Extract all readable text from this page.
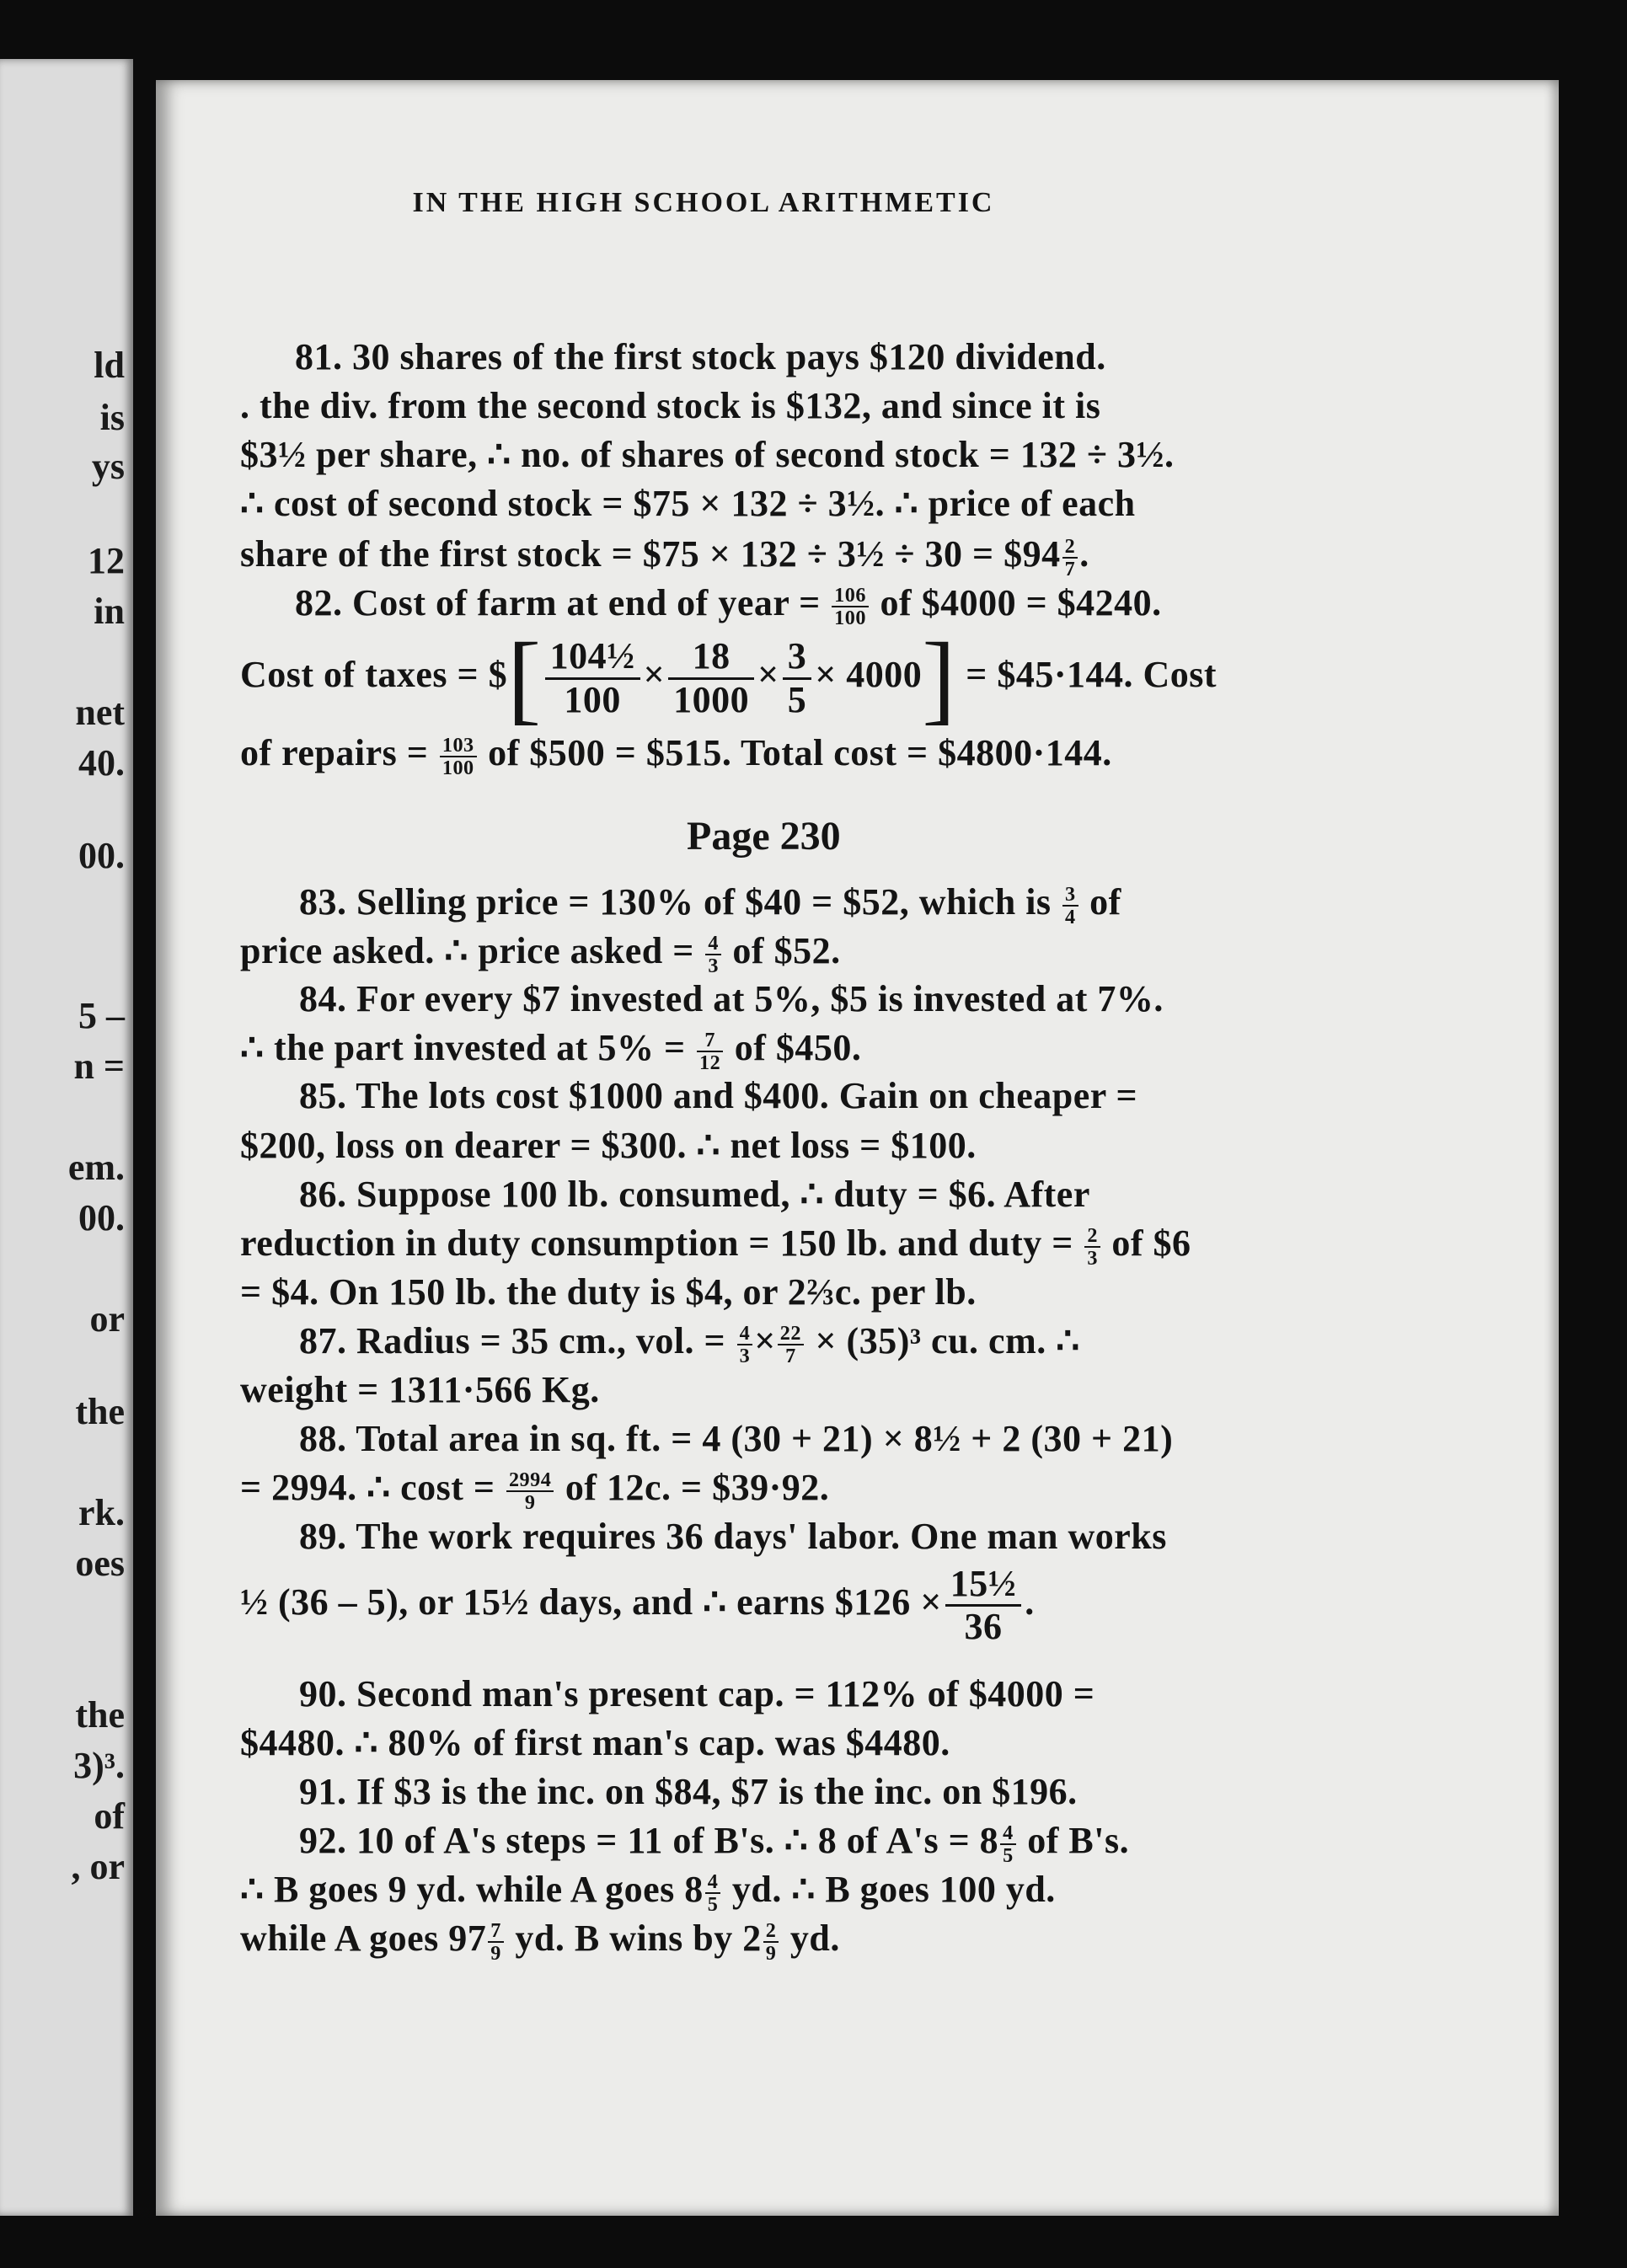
ld
is
ys
12
in
net
40.
00.
5 –
n =
em.
00.
or
the
rk.
oes
the
3)³.
of
, or
IN THE HIGH SCHOOL ARITHMETIC
81. 30 shares of the first stock pays $120 dividend.
. the div. from the second stock is $132, and since it is
$3½ per share, ∴ no. of shares of second stock = 132 ÷ 3½.
∴ cost of second stock = $75 × 132 ÷ 3½. ∴ price of each
share of the first stock = $75 × 132 ÷ 3½ ÷ 30 = $94 $\frac{2}{7}$ .
82. Cost of farm at end of year = $\frac{106}{100}$ of $4000 = $4240.
Cost of taxes = $[ $\frac{\text{104½}}{100} \times \frac{18}{1000} \times \frac{3}{5} \times 4000$] = $45·144. Cost
of repairs = $\frac{103}{100}$ of $500 = $515. Total cost = $4800·144.
Page 230
83. Selling price = 130% of $40 = $52, which is $\frac{3}{4}$ of
price asked. ∴ price asked = $\frac{4}{3}$ of $52.
84. For every $7 invested at 5%, $5 is invested at 7%.
∴ the part invested at $5\% = \frac{7}{12}$ of $450.
85. The lots cost $1000 and $400. Gain on cheaper =
$200, loss on dearer = $300. ∴ net loss = $100.
86. Suppose 100 lb. consumed, ∴ duty = $6. After
reduction in duty consumption = 150 lb. and duty = $\frac{2}{3}$ of $6
= $4. On 150 lb. the duty is $4, or 2⅔c. per lb.
87. Radius = 35 cm., vol. = $\frac{4}{3} \times \frac{22}{7} \times (35)^3$ cu. cm. ∴
weight = 1311·566 Kg.
88. Total area in sq. ft. = 4 (30 + 21) × 8½ + 2 (30 + 21)
= 2994. ∴ $\cos t = \frac{2994}{9}$ of 12c. = $39·92.
89. The work requires 36 days' labor. One man works
½ (36 – 5), or 15½ days, and ∴ earns $126 × $\frac{\text{15½}}{36}$ .
90. Second man's present cap. = 112% of $4000 =
$4480. ∴ 80% of first man's cap. was $4480.
91. If $3 is the inc. on $84, $7 is the inc. on $196.
92. 10 of A's steps = 11 of B's. ∴ 8 of $A's = 8 \frac{4}{5}$ of B's.
∴ B goes 9 yd. while A goes $8 \frac{4}{5}$ yd. ∴ B goes 100 yd.
while A goes $97 \frac{7}{9}$ yd. B wins by $2 \frac{2}{9}$ yd.
